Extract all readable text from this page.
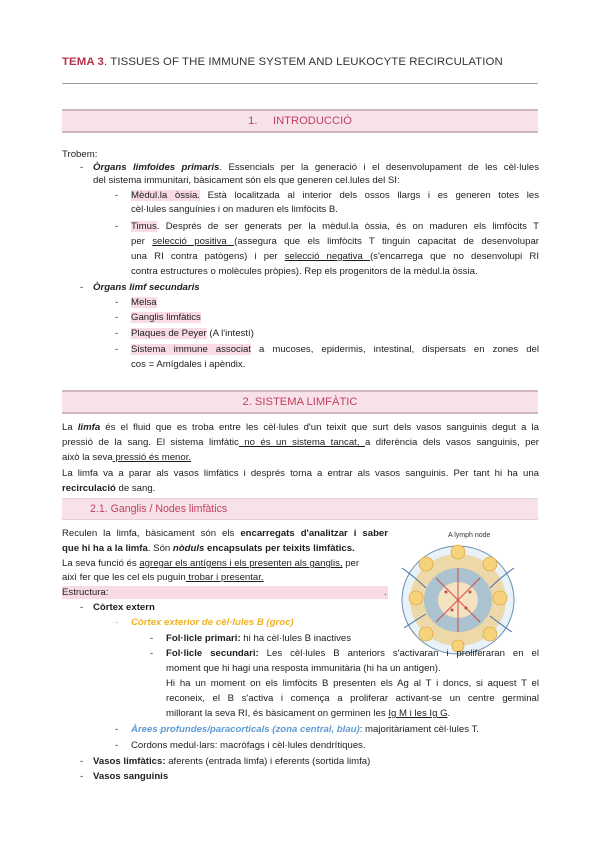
TEMA 3. TISSUES OF THE IMMUNE SYSTEM AND LEUKOCYTE RECIRCULATION
1.     INTRODUCCIÓ
Trobem:
-	Òrgans limfoides primaris. Essencials per la generació i el desenvolupament de les cèl·lules
del sistema immunitari, bàsicament són els que generen cel.lules del SI:
-	Mèdul.la òssia. Està localitzada al interior dels ossos llargs i es generen totes les
cèl·lules sanguínies i on maduren els limfòcits B.
-	Timus. Després de ser generats per la mèdul.la òssia, és on maduren els limfòcits T
per selecció positiva (assegura que els limfòcits T tinguin capacitat de desenvolupar
una RI contra patògens) i per selecció negativa (s'encarrega que no desenvolupi RI
contra estructures o molècules pròpies). Rep els progenitors de la mèdul.la òssia.
-	Òrgans limf secundaris
-	Melsa
-	Ganglis limfàtics
-	Plaques de Peyer (A l'intestí)
-	Sistema immune associat a mucoses, epidermis, intestinal, dispersats en zones del
cos = Amígdales i apèndix.
2. SISTEMA LIMFÀTIC
La limfa és el fluid que es troba entre les cèl·lules d'un teixit que surt dels vasos sanguinis degut a la
pressió de la sang. El sistema limfàtic no és un sistema tancat, a diferència dels vasos sanguinis, per
això la seva pressió és menor.
La limfa va a parar als vasos limfàtics i després torna a entrar als vasos sanguinis. Per tant hi ha una
recirculació de sang.
2.1. Ganglis / Nodes limfàtics
Reculen la limfa, bàsicament són els encarregats d'analitzar i saber
que hi ha a la limfa. Són nòduls encapsulats per teixits limfàtics.
La seva funció és agregar els antígens i els presenten als ganglis, per
aixì fer que les cel els puguin trobar i presentar.
Estructura:	.
A lymph node
-	Còrtex extern
-	Còrtex exterior de cèl·lules B (groc)
-	Fol·licle primari: hi ha cèl·lules B inactives
-	Fol·licle secundari: Les cèl·lules B anteriors s'activaran i proliferaran en el
moment que hi hagi una resposta immunitària (hi ha un antigen).
Hi ha un moment on els limfòcits B presenten els Ag al T i doncs, si aquest T el
reconeix, el B s'activa i comença a proliferar activant-se un centre germinal
millorant la seva RI, és bàsicament on germinen les Ig M i les Ig G.
-	Àrees profundes/paracorticals (zona central, blau): majoritàriament cèl·lules T.
-	Cordons medul·lars: macròfags i cèl·lules dendrítiques.
-	Vasos limfàtics: aferents (entrada limfa) i eferents (sortida limfa)
-	Vasos sanguinis
